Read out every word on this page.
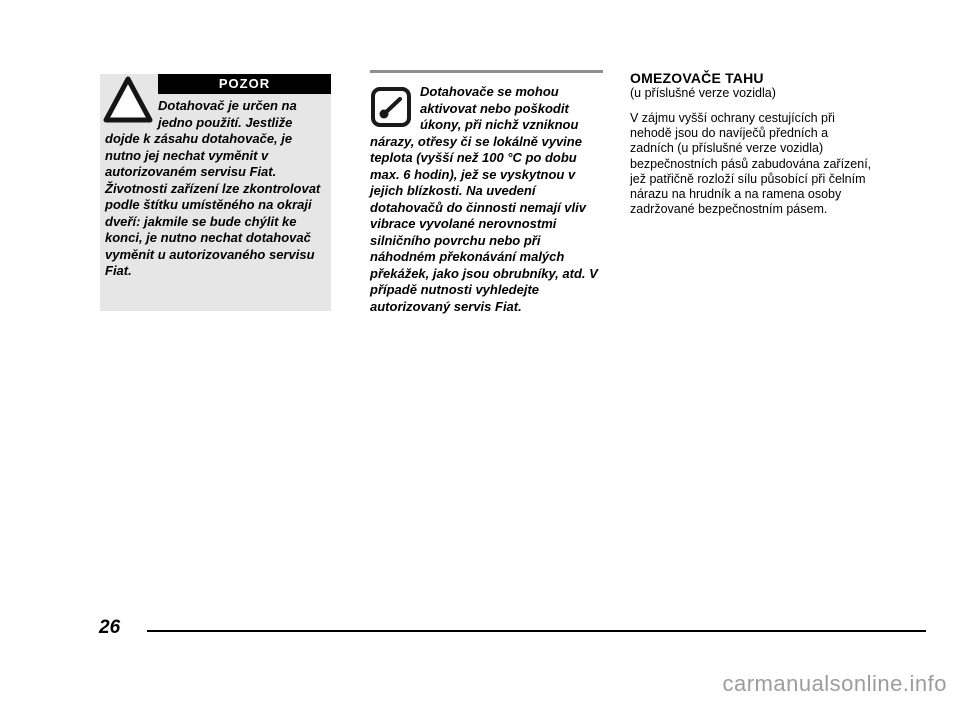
POZOR

Dotahovač je určen na jedno použití. Jestliže dojde k zásahu dotahovače, je nutno jej nechat vyměnit v autorizovaném servisu Fiat. Životnosti zařízení lze zkontrolovat podle štítku umístěného na okraji dveří: jakmile se bude chýlit ke konci, je nutno nechat dotahovač vyměnit u autorizovaného servisu Fiat.

Dotahovače se mohou aktivovat nebo poškodit úkony, při nichž vzniknou nárazy, otřesy či se lokálně vyvine teplota (vyšší než 100 °C po dobu max. 6 hodin), jež se vyskytnou v jejich blízkosti. Na uvedení dotahovačů do činnosti nemají vliv vibrace vyvolané nerovnostmi silničního povrchu nebo při náhodném překonávání malých překážek, jako jsou obrubníky, atd. V případě nutnosti vyhledejte autorizovaný servis Fiat.

OMEZOVAČE TAHU

(u příslušné verze vozidla)

V zájmu vyšší ochrany cestujících při nehodě jsou do navíječů předních a zadních (u příslušné verze vozidla) bezpečnostních pásů zabudována zařízení, jež patřičně rozloží sílu působící při čelním nárazu na hrudník a na ramena osoby zadržované bezpečnostním pásem.

26
carmanualsonline.info
